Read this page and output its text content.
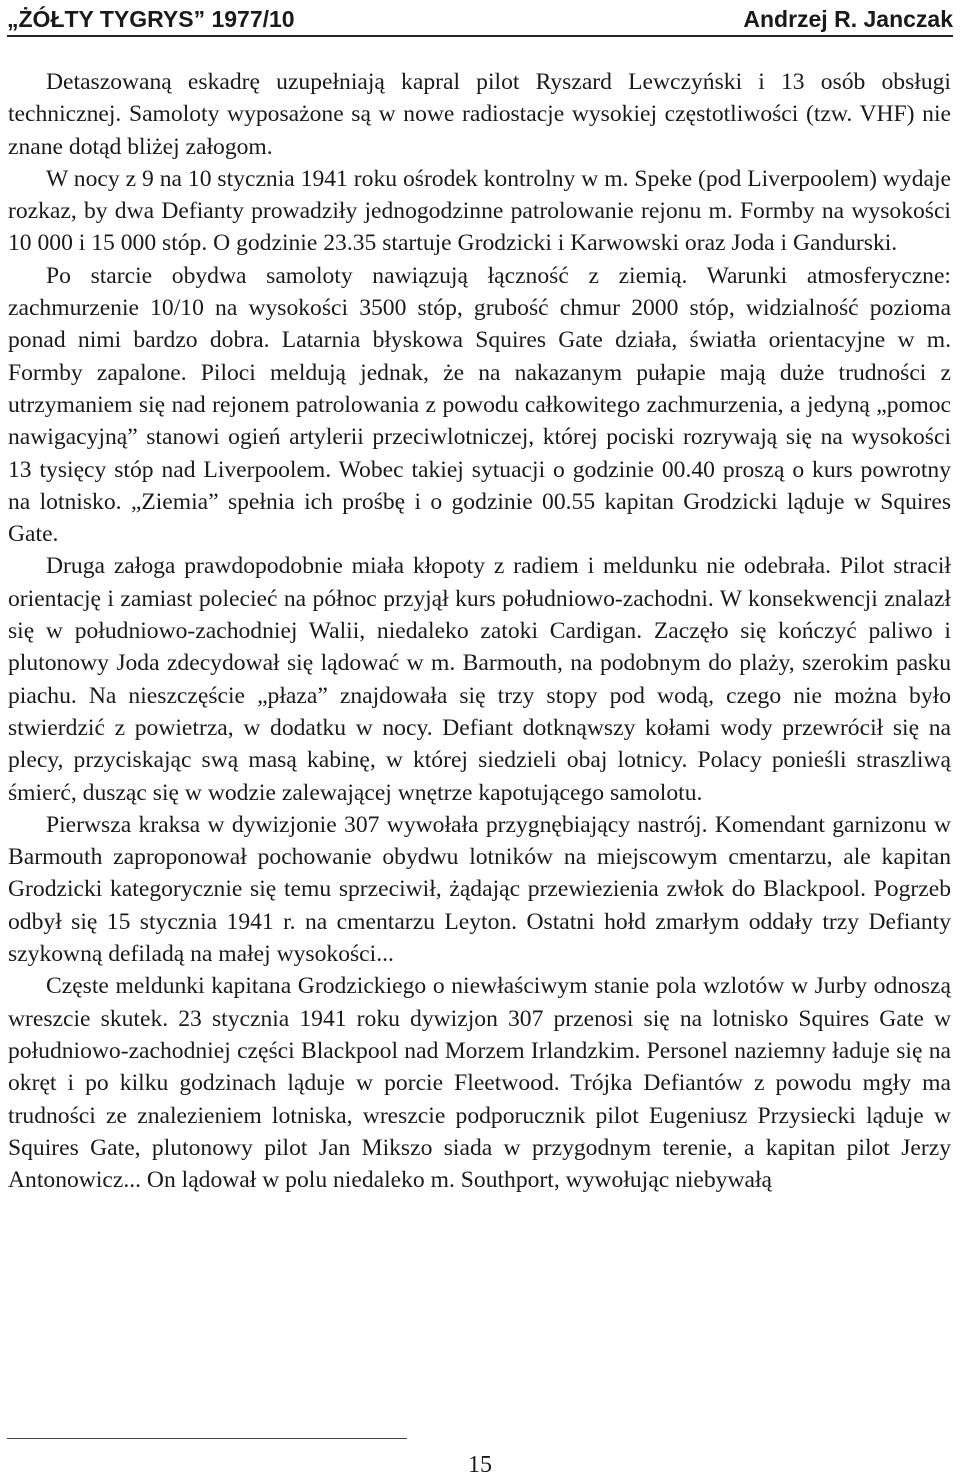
„ŻÓŁTY TYGRYS” 1977/10	Andrzej R. Janczak

Detaszowaną eskadrę uzupełniają kapral pilot Ryszard Lewczyński i 13 osób obsługi technicznej. Samoloty wyposażone są w nowe radiostacje wysokiej częstotliwości (tzw. VHF) nie znane dotąd bliżej załogom.

W nocy z 9 na 10 stycznia 1941 roku ośrodek kontrolny w m. Speke (pod Liverpoolem) wydaje rozkaz, by dwa Defianty prowadziły jednogodzinne patrolowanie rejonu m. Formby na wysokości 10 000 i 15 000 stóp. O godzinie 23.35 startuje Grodzicki i Karwowski oraz Joda i Gandurski.

Po starcie obydwa samoloty nawiązują łączność z ziemią. Warunki atmosferyczne: zachmurzenie 10/10 na wysokości 3500 stóp, grubość chmur 2000 stóp, widzialność pozioma ponad nimi bardzo dobra. Latarnia błyskowa Squires Gate działa, światła orientacyjne w m. Formby zapalone. Piloci meldują jednak, że na nakazanym pułapie mają duże trudności z utrzymaniem się nad rejonem patrolowania z powodu całkowitego zachmurzenia, a jedyną „pomoc nawigacyjną” stanowi ogień artylerii przeciwlotniczej, której pociski rozrywają się na wysokości 13 tysięcy stóp nad Liverpoolem. Wobec takiej sytuacji o godzinie 00.40 proszą o kurs powrotny na lotnisko. „Ziemia” spełnia ich prośbę i o godzinie 00.55 kapitan Grodzicki ląduje w Squires Gate.

Druga załoga prawdopodobnie miała kłopoty z radiem i meldunku nie odebrała. Pilot stracił orientację i zamiast polecieć na północ przyjął kurs południowo-zachodni. W konsekwencji znalazł się w południowo-zachodniej Walii, niedaleko zatoki Cardigan. Zaczęło się kończyć paliwo i plutonowy Joda zdecydował się lądować w m. Barmouth, na podobnym do plaży, szerokim pasku piachu. Na nieszczęście „płaza” znajdowała się trzy stopy pod wodą, czego nie można było stwierdzić z powietrza, w dodatku w nocy. Defiant dotknąwszy kołami wody przewrócił się na plecy, przyciskając swą masą kabinę, w której siedzieli obaj lotnicy. Polacy ponieśli straszliwą śmierć, dusząc się w wodzie zalewającej wnętrze kapotującego samolotu.

Pierwsza kraksa w dywizjonie 307 wywołała przygnębiający nastrój. Komendant garnizonu w Barmouth zaproponował pochowanie obydwu lotników na miejscowym cmentarzu, ale kapitan Grodzicki kategorycznie się temu sprzeciwił, żądając przewiezienia zwłok do Blackpool. Pogrzeb odbył się 15 stycznia 1941 r. na cmentarzu Leyton. Ostatni hołd zmarłym oddały trzy Defianty szykowną defiladą na małej wysokości...

Częste meldunki kapitana Grodzickiego o niewłaściwym stanie pola wzlotów w Jurby odnoszą wreszcie skutek. 23 stycznia 1941 roku dywizjon 307 przenosi się na lotnisko Squires Gate w południowo-zachodniej części Blackpool nad Morzem Irlandzkim. Personel naziemny ładuje się na okręt i po kilku godzinach ląduje w porcie Fleetwood. Trójka Defiantów z powodu mgły ma trudności ze znalezieniem lotniska, wreszcie podporucznik pilot Eugeniusz Przysiecki ląduje w Squires Gate, plutonowy pilot Jan Mikszo siada w przygodnym terenie, a kapitan pilot Jerzy Antonowicz... On lądował w polu niedaleko m. Southport, wywołując niebywałą

15
